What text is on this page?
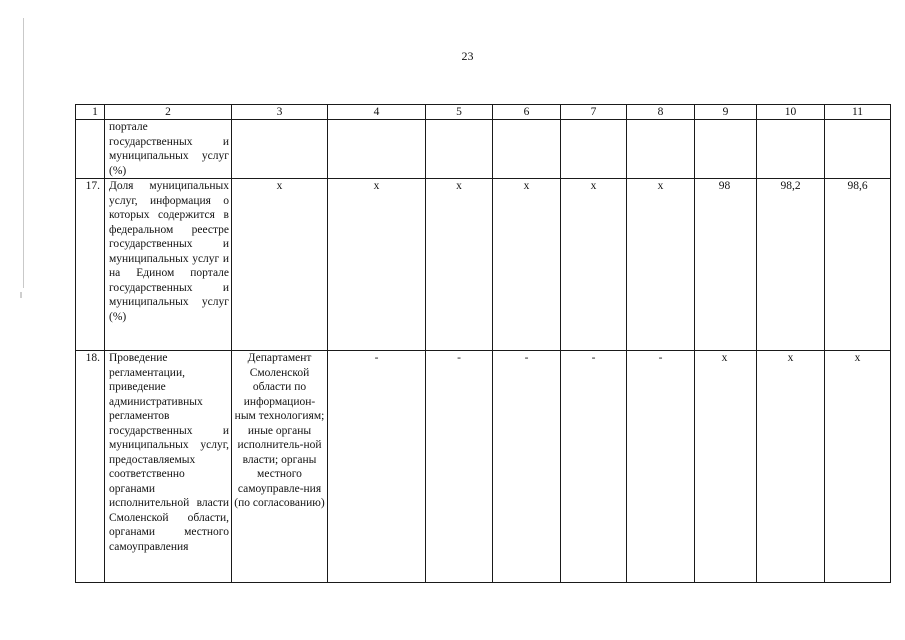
23
1	2	3	4	5	6	7	8	9	10	11
	портале государственных и муниципальных услуг (%)									
17.	Доля муниципальных услуг, информация о которых содержится в федеральном реестре государственных и муниципальных услуг и на Едином портале государственных и муниципальных услуг (%)	х	х	х	х	х	х	98	98,2	98,6
18.	Проведение регламентации, приведение административных регламентов государственных и муниципальных услуг, предоставляемых соответственно органами исполнительной власти Смоленской области, органами местного самоуправления	Департамент Смоленской области по информацион-ным технологиям; иные органы исполнитель-ной власти; органы местного самоуправле-ния (по согласованию)	-	-	-	-	-	х	х	х
